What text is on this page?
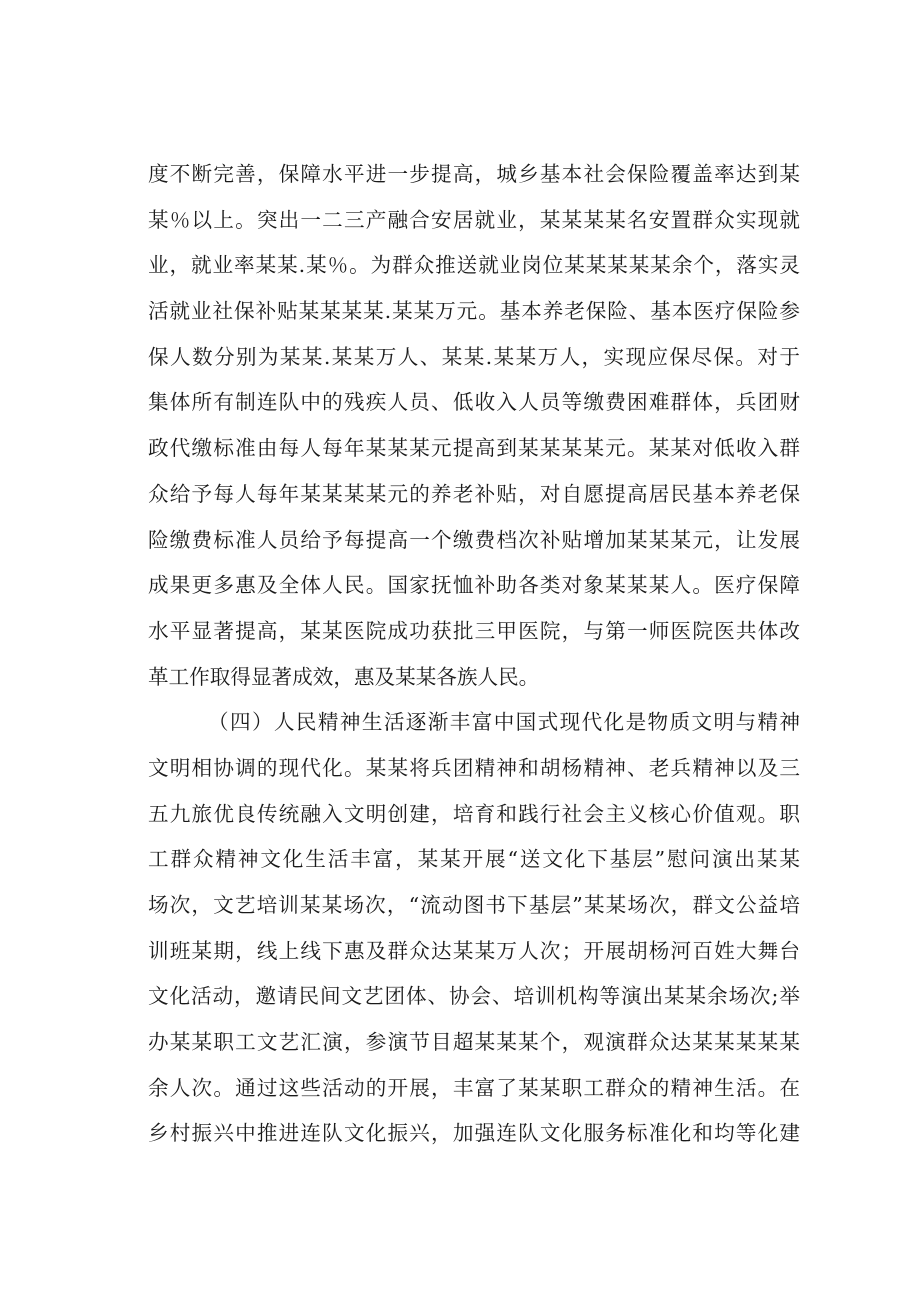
度不断完善，保障水平进一步提高，城乡基本社会保险覆盖率达到某
某％以上。突出一二三产融合安居就业，某某某某名安置群众实现就
业，就业率某某.某％。为群众推送就业岗位某某某某某余个，落实灵
活就业社保补贴某某某某.某某万元。基本养老保险、基本医疗保险参
保人数分别为某某.某某万人、某某.某某万人，实现应保尽保。对于
集体所有制连队中的残疾人员、低收入人员等缴费困难群体，兵团财
政代缴标准由每人每年某某某元提高到某某某某元。某某对低收入群
众给予每人每年某某某某元的养老补贴，对自愿提高居民基本养老保
险缴费标准人员给予每提高一个缴费档次补贴增加某某某元，让发展
成果更多惠及全体人民。国家抚恤补助各类对象某某某人。医疗保障
水平显著提高，某某医院成功获批三甲医院，与第一师医院医共体改
革工作取得显著成效，惠及某某各族人民。
（四）人民精神生活逐渐丰富中国式现代化是物质文明与精神
文明相协调的现代化。某某将兵团精神和胡杨精神、老兵精神以及三
五九旅优良传统融入文明创建，培育和践行社会主义核心价值观。职
工群众精神文化生活丰富，某某开展“送文化下基层”慰问演出某某
场次，文艺培训某某场次，“流动图书下基层”某某场次，群文公益培
训班某期，线上线下惠及群众达某某万人次；开展胡杨河百姓大舞台
文化活动，邀请民间文艺团体、协会、培训机构等演出某某余场次;举
办某某职工文艺汇演，参演节目超某某某个，观演群众达某某某某某
余人次。通过这些活动的开展，丰富了某某职工群众的精神生活。在
乡村振兴中推进连队文化振兴，加强连队文化服务标准化和均等化建
